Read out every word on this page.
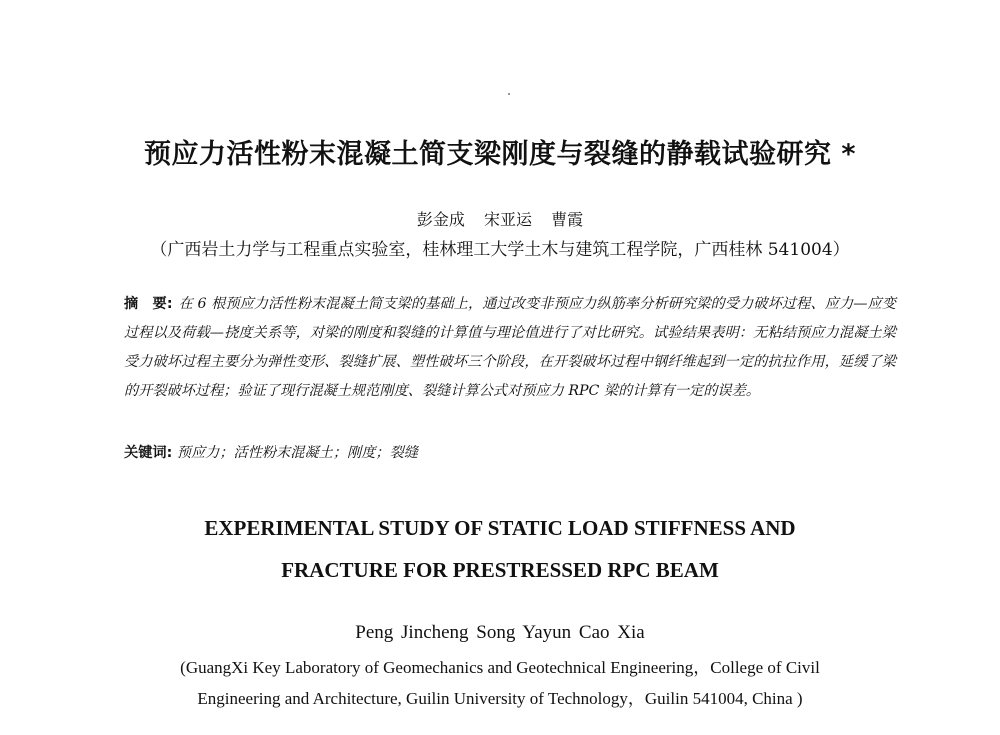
预应力活性粉末混凝土简支梁刚度与裂缝的静载试验研究 *
彭金成 宋亚运 曹霞
（广西岩土力学与工程重点实验室，桂林理工大学土木与建筑工程学院，广西桂林 541004）
摘　要: 在 6 根预应力活性粉末混凝土简支梁的基础上，通过改变非预应力纵筋率分析研究梁的受力破坏过程、应力—应变过程以及荷载—挠度关系等，对梁的刚度和裂缝的计算值与理论值进行了对比研究。试验结果表明：无粘结预应力混凝土梁受力破坏过程主要分为弹性变形、裂缝扩展、塑性破坏三个阶段，在开裂破坏过程中钢纤维起到一定的抗拉作用，延缓了梁的开裂破坏过程；验证了现行混凝土规范刚度、裂缝计算公式对预应力 RPC 梁的计算有一定的误差。
关键词: 预应力；活性粉末混凝土；刚度；裂缝
EXPERIMENTAL STUDY OF STATIC LOAD STIFFNESS AND
FRACTURE FOR PRESTRESSED RPC BEAM
Peng Jincheng Song Yayun Cao Xia
(GuangXi Key Laboratory of Geomechanics and Geotechnical Engineering，College of Civil
Engineering and Architecture, Guilin University of Technology，Guilin 541004, China )
